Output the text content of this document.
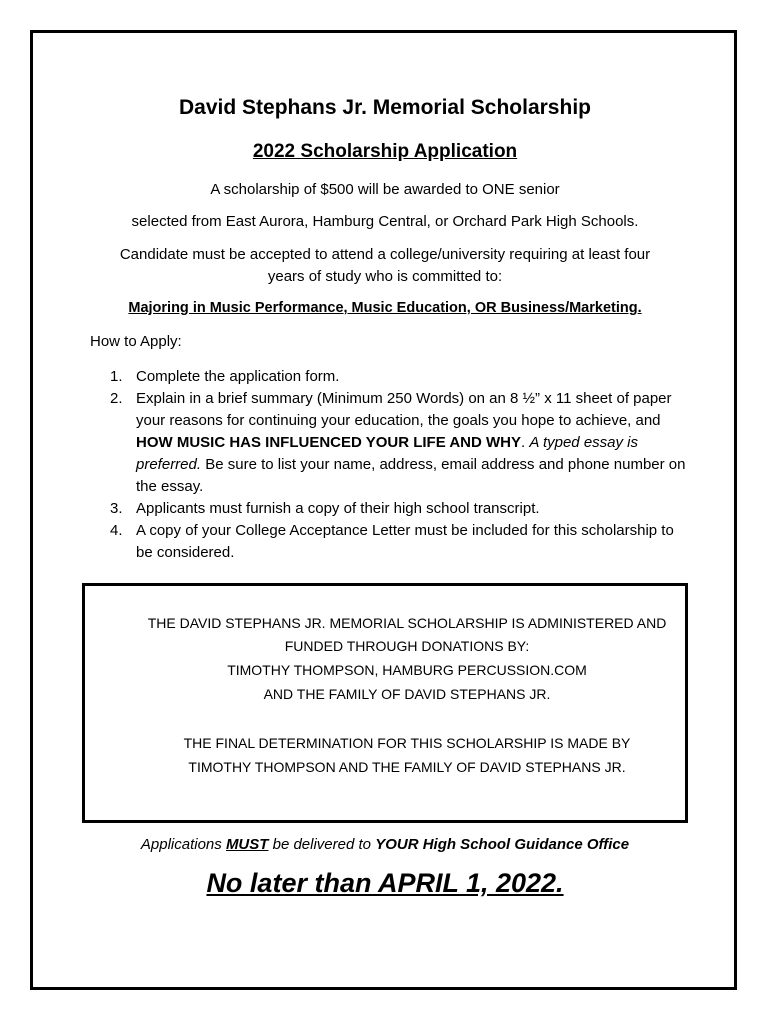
David Stephans Jr. Memorial Scholarship
2022 Scholarship Application
A scholarship of $500 will be awarded to ONE senior
selected from East Aurora, Hamburg Central, or Orchard Park High Schools.
Candidate must be accepted to attend a college/university requiring at least four
years of study who is committed to:
Majoring in Music Performance, Music Education, OR Business/Marketing.
How to Apply:
1. Complete the application form.
2. Explain in a brief summary (Minimum 250 Words) on an 8 ½” x 11 sheet of paper your reasons for continuing your education, the goals you hope to achieve, and HOW MUSIC HAS INFLUENCED YOUR LIFE AND WHY. A typed essay is preferred. Be sure to list your name, address, email address and phone number on the essay.
3. Applicants must furnish a copy of their high school transcript.
4. A copy of your College Acceptance Letter must be included for this scholarship to be considered.
THE DAVID STEPHANS JR. MEMORIAL SCHOLARSHIP IS ADMINISTERED AND
FUNDED THROUGH DONATIONS BY:
TIMOTHY THOMPSON, HAMBURG PERCUSSION.COM
AND THE FAMILY OF DAVID STEPHANS JR.
THE FINAL DETERMINATION FOR THIS SCHOLARSHIP IS MADE BY
TIMOTHY THOMPSON AND THE FAMILY OF DAVID STEPHANS JR.
Applications MUST be delivered to YOUR High School Guidance Office
No later than APRIL 1, 2022.
